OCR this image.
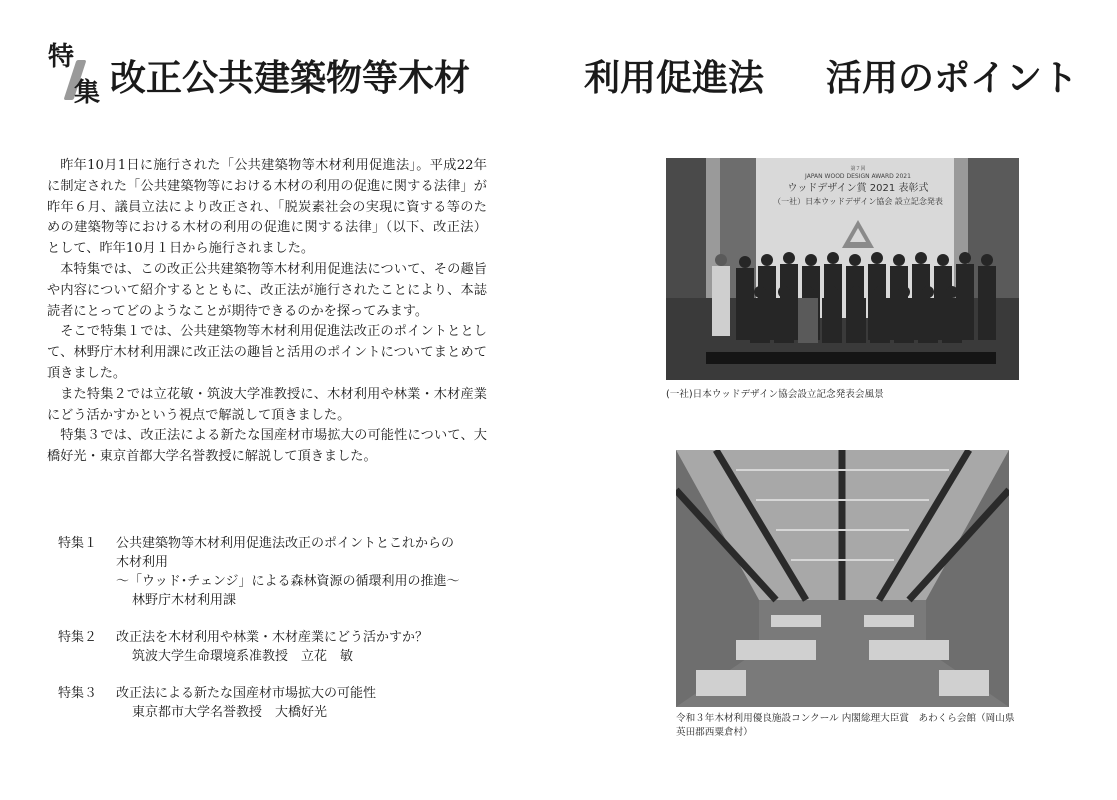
特
集 改正公共建築物等木材	利用促進法 活用のポイント

昨年10月1日に施行された「公共建築物等木材利用促進法」。平成22年に制定された「公共建築物等における木材の利用の促進に関する法律」が昨年６月、議員立法により改正され、「脱炭素社会の実現に資する等のための建築物等における木材の利用の促進に関する法律」（以下、改正法）として、昨年10月１日から施行されました。

本特集では、この改正公共建築物等木材利用促進法について、その趣旨や内容について紹介するとともに、改正法が施行されたことにより、本誌読者にとってどのようなことが期待できるのかを探ってみます。

そこで特集１では、公共建築物等木材利用促進法改正のポイントととして、林野庁木材利用課に改正法の趣旨と活用のポイントについてまとめて頂きました。

また特集２では立花敏・筑波大学准教授に、木材利用や林業・木材産業にどう活かすかという視点で解説して頂きました。

特集３では、改正法による新たな国産材市場拡大の可能性について、大橋好光・東京首都大学名誉教授に解説して頂きました。

特集１ 公共建築物等木材利用促進法改正のポイントとこれからの
木材利用
～「ウッド･チェンジ」による森林資源の循環利用の推進～
林野庁木材利用課
特集２ 改正法を木材利用や林業・木材産業にどう活かすか？
筑波大学生命環境系准教授　立花　敏
特集３ 改正法による新たな国産材市場拡大の可能性
東京都市大学名誉教授　大橋好光
第７回
JAPAN WOOD DESIGN AWARD 2021
ウッドデザイン賞 2021 表彰式
（一社）日本ウッドデザイン協会 設立記念発表
(一社)日本ウッドデザイン協会設立記念発表会風景
令和３年木材利用優良施設コンクール 内閣総理大臣賞　あわくら会館（岡山県英田郡西粟倉村）
